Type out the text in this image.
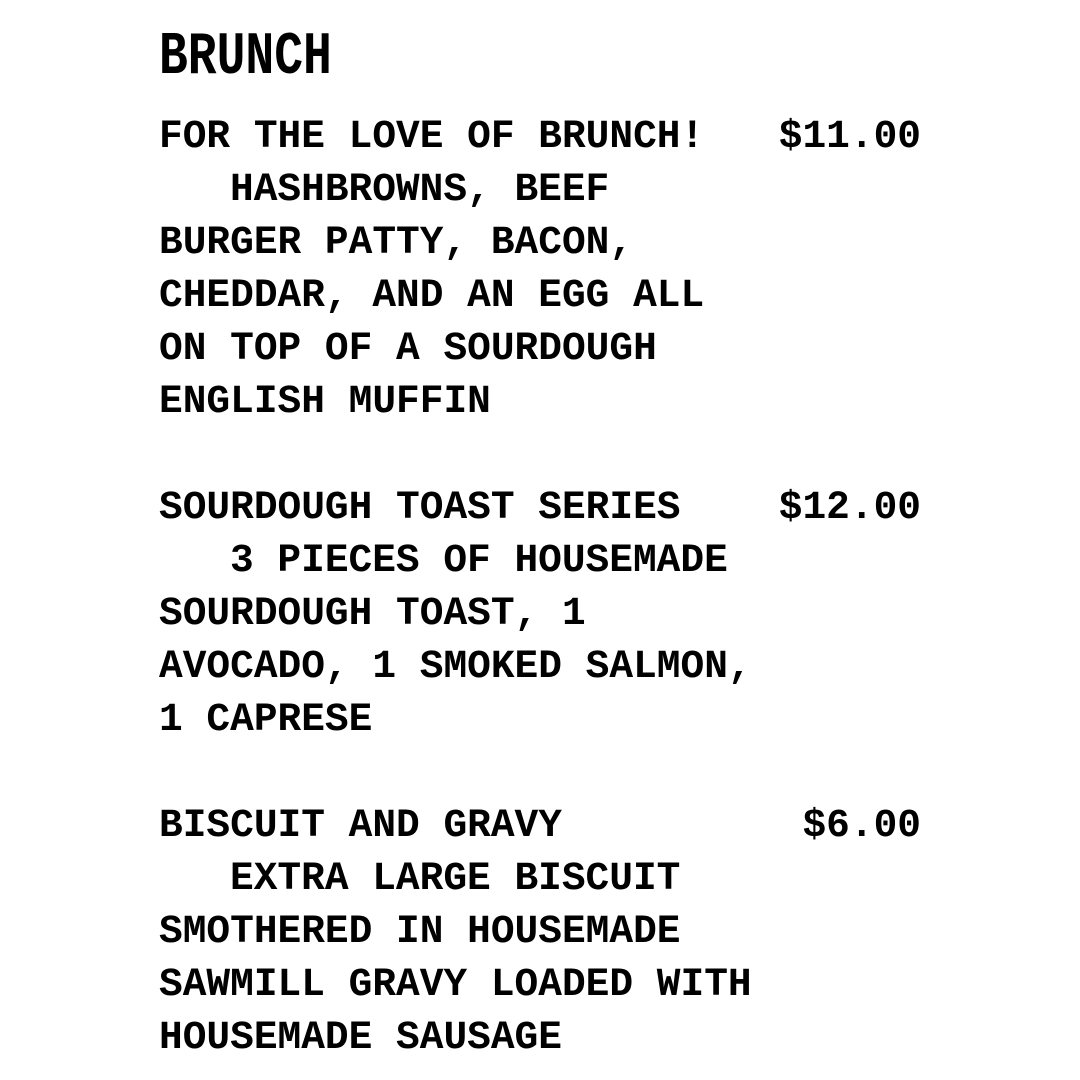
BRUNCH
FOR THE LOVE OF BRUNCH! $11.00
HASHBROWNS, BEEF BURGER PATTY, BACON, CHEDDAR, AND AN EGG ALL ON TOP OF A SOURDOUGH ENGLISH MUFFIN
SOURDOUGH TOAST SERIES $12.00
3 PIECES OF HOUSEMADE SOURDOUGH TOAST, 1 AVOCADO, 1 SMOKED SALMON, 1 CAPRESE
BISCUIT AND GRAVY	$6.00
EXTRA LARGE BISCUIT SMOTHERED IN HOUSEMADE SAWMILL GRAVY LOADED WITH HOUSEMADE SAUSAGE
